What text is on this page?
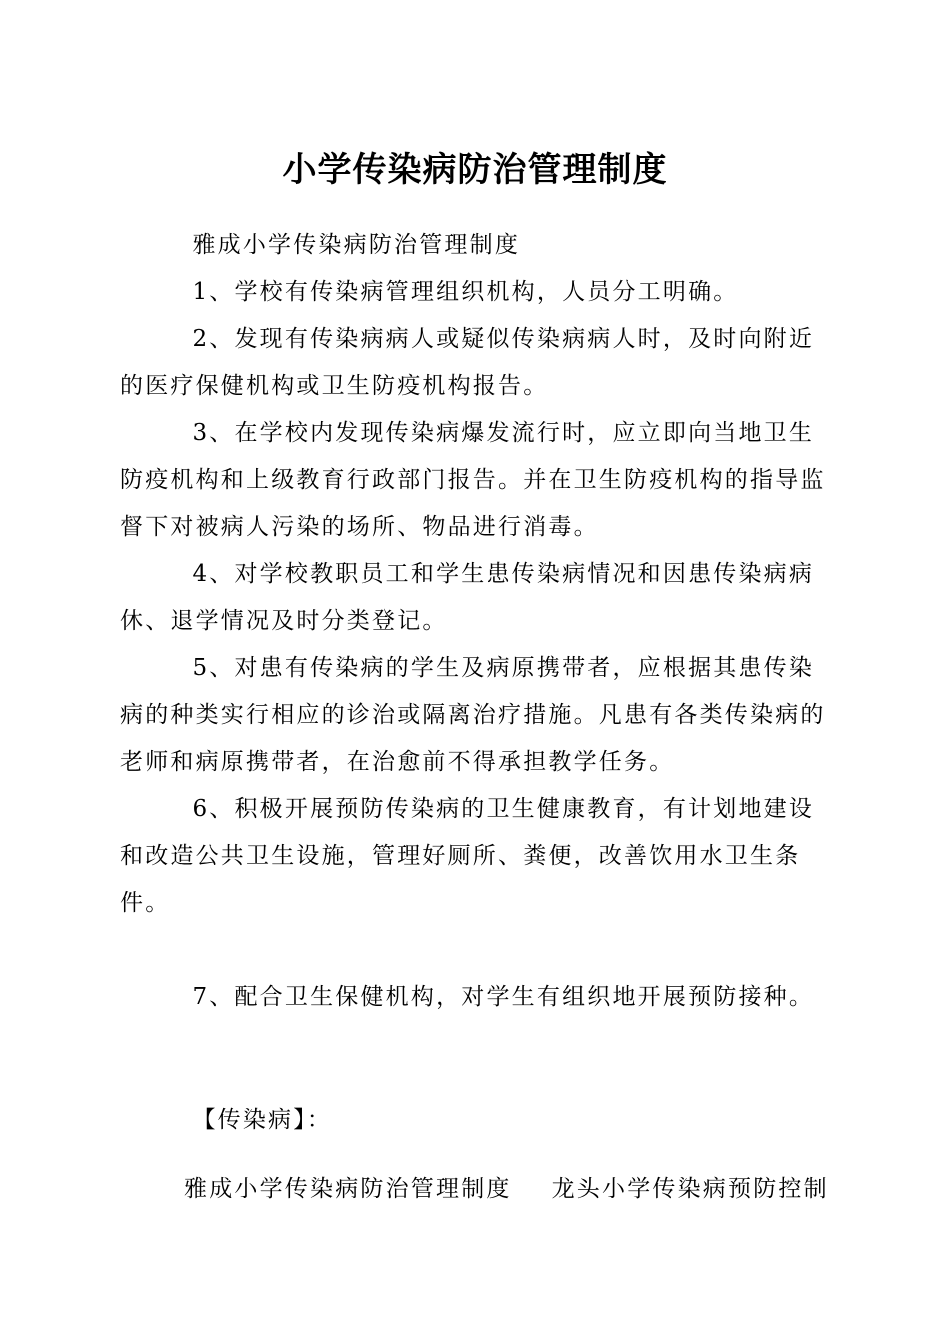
小学传染病防治管理制度

雅成小学传染病防治管理制度

1、学校有传染病管理组织机构，人员分工明确。

2、发现有传染病病人或疑似传染病病人时，及时向附近的医疗保健机构或卫生防疫机构报告。

3、在学校内发现传染病爆发流行时，应立即向当地卫生防疫机构和上级教育行政部门报告。并在卫生防疫机构的指导监督下对被病人污染的场所、物品进行消毒。

4、对学校教职员工和学生患传染病情况和因患传染病病休、退学情况及时分类登记。

5、对患有传染病的学生及病原携带者，应根据其患传染病的种类实行相应的诊治或隔离治疗措施。凡患有各类传染病的老师和病原携带者，在治愈前不得承担教学任务。

6、积极开展预防传染病的卫生健康教育，有计划地建设和改造公共卫生设施，管理好厕所、粪便，改善饮用水卫生条件。

7、配合卫生保健机构，对学生有组织地开展预防接种。

【传染病】：

雅成小学传染病防治管理制度 龙头小学传染病预防控制
